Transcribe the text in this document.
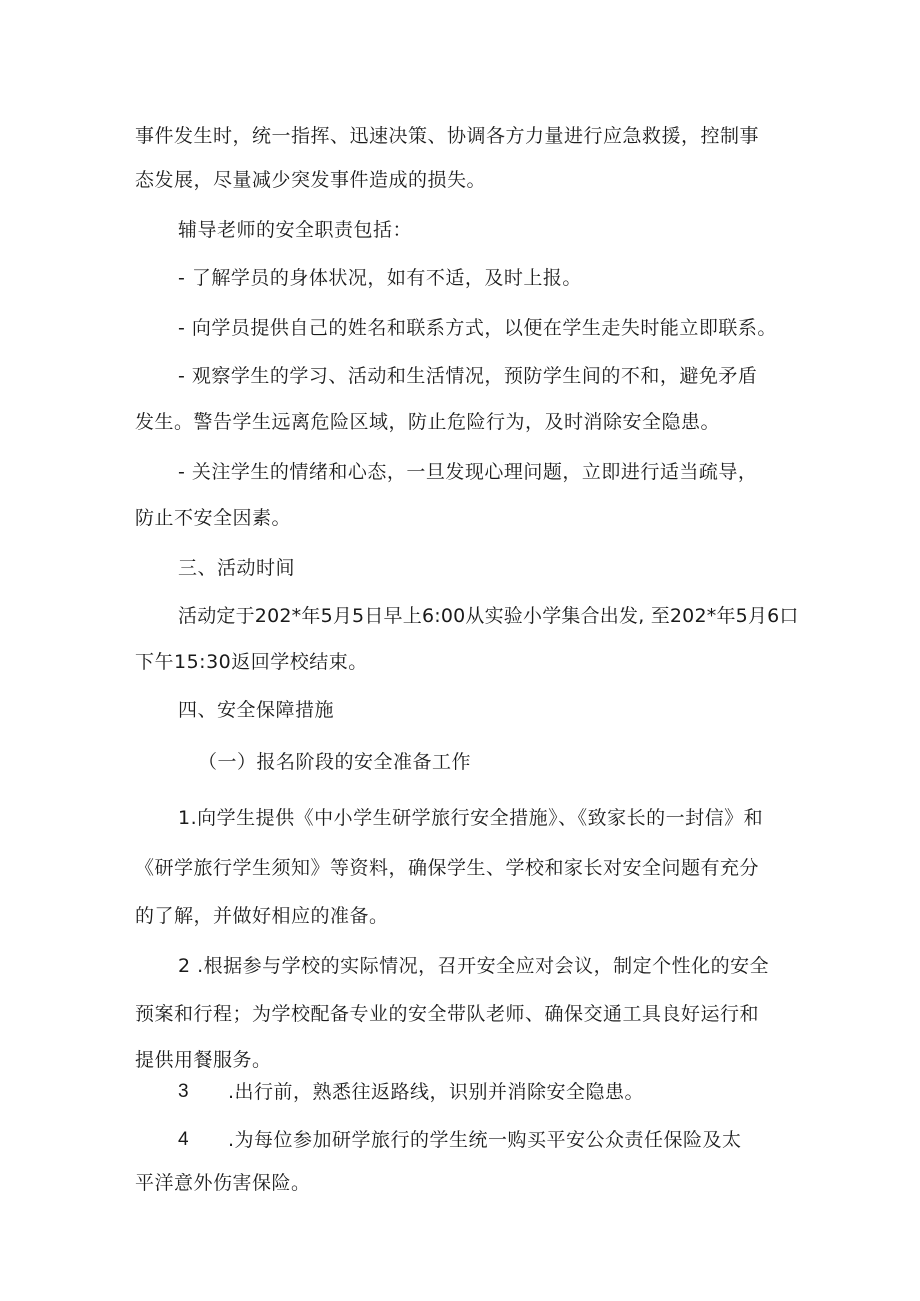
事件发生时，统一指挥、迅速决策、协调各方力量进行应急救援，控制事
态发展，尽量减少突发事件造成的损失。
辅导老师的安全职责包括：
- 了解学员的身体状况，如有不适，及时上报。
- 向学员提供自己的姓名和联系方式，以便在学生走失时能立即联系。
- 观察学生的学习、活动和生活情况，预防学生间的不和，避免矛盾
发生。警告学生远离危险区域，防止危险行为，及时消除安全隐患。
- 关注学生的情绪和心态，一旦发现心理问题，立即进行适当疏导，
防止不安全因素。
三、活动时间
活动定于202*年5月5日早上6:00从实验小学集合出发, 至202*年5月6口
下午15:30返回学校结束。
四、安全保障措施
（一）报名阶段的安全准备工作
1.向学生提供《中小学生研学旅行安全措施》、《致家长的一封信》和
《研学旅行学生须知》等资料，确保学生、学校和家长对安全问题有充分
的了解，并做好相应的准备。
2 .根据参与学校的实际情况，召开安全应对会议，制定个性化的安全
预案和行程；为学校配备专业的安全带队老师、确保交通工具良好运行和
提供用餐服务。
3 .出行前，熟悉往返路线，识别并消除安全隐患。
4 .为每位参加研学旅行的学生统一购买平安公众责任保险及太
平洋意外伤害保险。
